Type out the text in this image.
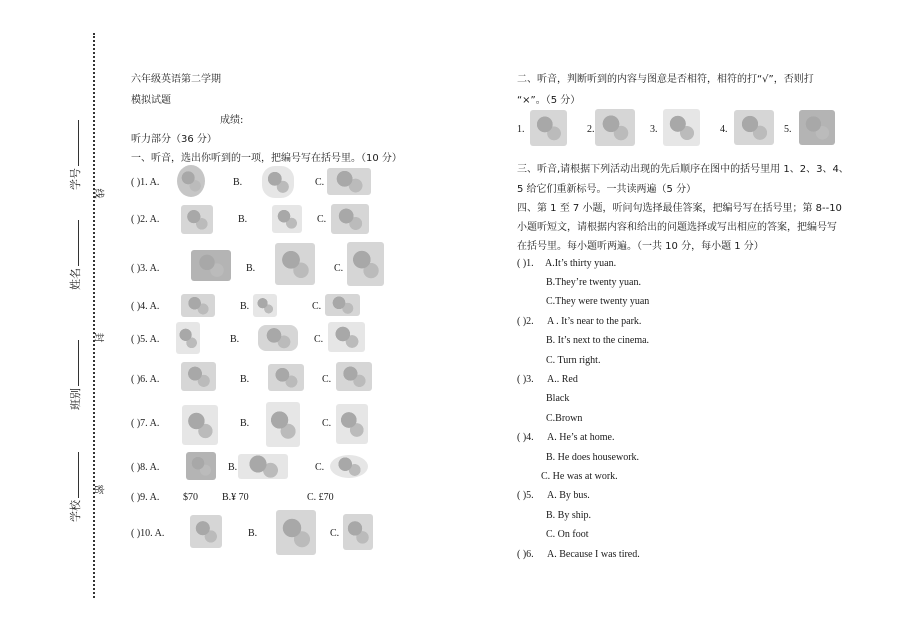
学号
姓名
班别
学校
线
封
密
六年级英语第二学期
模拟试题
成绩:
听力部分（36 分）
一、听音，选出你听到的一项，把编号写在括号里。（10 分）
( )1. A.	B.	C.
( )2. A.	B.	C.
( )3. A.	B.	C.
( )4. A.	B.	C.
( )5. A.	B.	C.
( )6. A.	B.	C.
( )7. A.	B.	C.
( )8. A.	B.	C.
( )9. A. $70 B.¥ 70	C. £70
( )10. A.	B.	C.
二、听音，判断听到的内容与图意是否相符，相符的打“√”，否则打
“×”。（5 分）
1.	2.	3.	4.	5.
三、听音,请根据下列活动出现的先后顺序在图中的括号里用 1、2、3、4、
5 给它们重新标号。一共读两遍（5 分）
四、第 1 至 7 小题，听问句选择最佳答案，把编号写在括号里；第 8--10
小题听短文，请根据内容和给出的问题选择或写出相应的答案，把编号写
在括号里。每小题听两遍。（一共 10 分，每小题 1 分）
( )1. A.It’s thirty yuan.
B.They’re twenty yuan.
C.They were twenty yuan
( )2. A . It’s near to the park.
B. It’s next to the cinema.
C. Turn right.
( )3. A.. Red
Black
C.Brown
( )4. A. He’s at home.
B. He does housework.
C. He was at work.
( )5. A. By bus.
B. By ship.
C. On foot
( )6. A. Because I was tired.
